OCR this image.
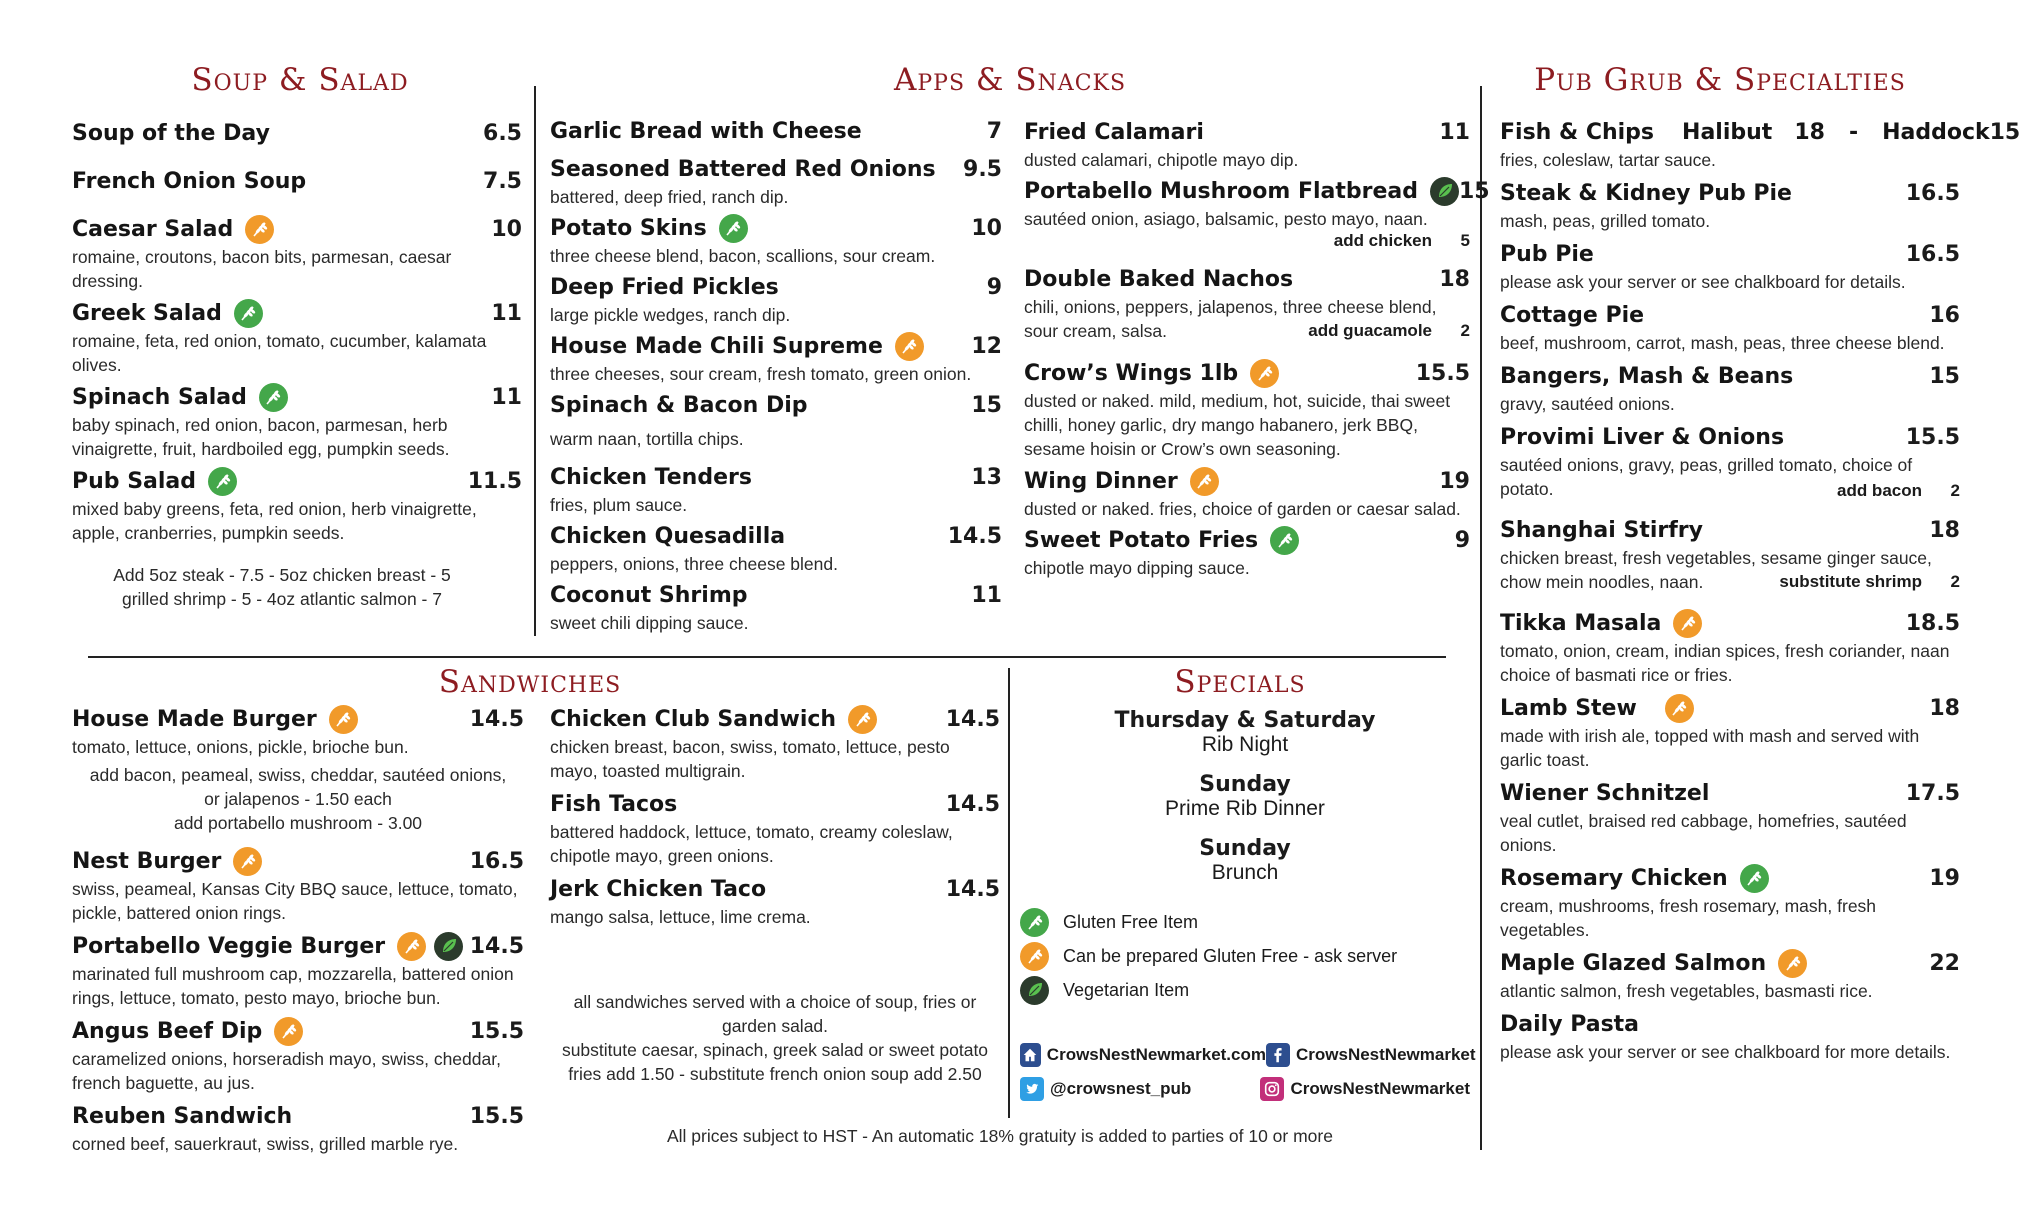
Soup & Salad	Apps & Snacks	Pub Grub & Specialties
Sandwiches	Specials
Soup of the Day	6.5
French Onion Soup	7.5
Caesar Salad	10
romaine, croutons, bacon bits, parmesan, caesar dressing.
Greek Salad	11
romaine, feta, red onion, tomato, cucumber, kalamata olives.
Spinach Salad	11
baby spinach, red onion, bacon, parmesan, herb vinaigrette, fruit, hardboiled egg, pumpkin seeds.
Pub Salad	11.5
mixed baby greens, feta, red onion, herb vinaigrette, apple, cranberries, pumpkin seeds.
Add 5oz steak - 7.5 - 5oz chicken breast - 5
grilled shrimp - 5 - 4oz atlantic salmon - 7
Garlic Bread with Cheese	7
Seasoned Battered Red Onions 9.5
battered, deep fried, ranch dip.
Potato Skins	10
three cheese blend, bacon, scallions, sour cream.
Deep Fried Pickles	9
large pickle wedges, ranch dip.
House Made Chili Supreme	12
three cheeses, sour cream, fresh tomato, green onion.
Spinach & Bacon Dip	15
warm naan, tortilla chips.
Chicken Tenders	13
fries, plum sauce.
Chicken Quesadilla	14.5
peppers, onions, three cheese blend.
Coconut Shrimp	11
sweet chili dipping sauce.
Fried Calamari	11
dusted calamari, chipotle mayo dip.
Portabello Mushroom Flatbread 15
sautéed onion, asiago, balsamic, pesto mayo, naan.
add chicken	5
Double Baked Nachos	18
chili, onions, peppers, jalapenos, three cheese blend,
sour cream, salsa.	add guacamole	2
Crow’s Wings 1lb	15.5
dusted or naked. mild, medium, hot, suicide, thai sweet chilli, honey garlic, dry mango habanero, jerk BBQ, sesame hoisin or Crow’s own seasoning.
Wing Dinner	19
dusted or naked. fries, choice of garden or caesar salad.
Sweet Potato Fries	9
chipotle mayo dipping sauce.
Fish & Chips Halibut 18 - Haddock 15
fries, coleslaw, tartar sauce.
Steak & Kidney Pub Pie	16.5
mash, peas, grilled tomato.
Pub Pie	16.5
please ask your server or see chalkboard for details.
Cottage Pie	16
beef, mushroom, carrot, mash, peas, three cheese blend.
Bangers, Mash & Beans	15
gravy, sautéed onions.
Provimi Liver & Onions	15.5
sautéed onions, gravy, peas, grilled tomato, choice of potato.	add bacon	2
Shanghai Stirfry	18
chicken breast, fresh vegetables, sesame ginger sauce,
chow mein noodles, naan.	substitute shrimp	2
Tikka Masala	18.5
tomato, onion, cream, indian spices, fresh coriander, naan choice of basmati rice or fries.
Lamb Stew	18
made with irish ale, topped with mash and served with garlic toast.
Wiener Schnitzel	17.5
veal cutlet, braised red cabbage, homefries, sautéed onions.
Rosemary Chicken	19
cream, mushrooms, fresh rosemary, mash, fresh vegetables.
Maple Glazed Salmon	22
atlantic salmon, fresh vegetables, basmasti rice.
Daily Pasta
please ask your server or see chalkboard for more details.
House Made Burger	14.5
tomato, lettuce, onions, pickle, brioche bun.
add bacon, peameal, swiss, cheddar, sautéed onions,
or jalapenos - 1.50 each
add portabello mushroom - 3.00
Nest Burger	16.5
swiss, peameal, Kansas City BBQ sauce, lettuce, tomato, pickle, battered onion rings.
Portabello Veggie Burger	14.5
marinated full mushroom cap, mozzarella, battered onion rings, lettuce, tomato, pesto mayo, brioche bun.
Angus Beef Dip	15.5
caramelized onions, horseradish mayo, swiss, cheddar, french baguette, au jus.
Reuben Sandwich	15.5
corned beef, sauerkraut, swiss, grilled marble rye.
Chicken Club Sandwich	14.5
chicken breast, bacon, swiss, tomato, lettuce, pesto mayo, toasted multigrain.
Fish Tacos	14.5
battered haddock, lettuce, tomato, creamy coleslaw, chipotle mayo, green onions.
Jerk Chicken Taco	14.5
mango salsa, lettuce, lime crema.
all sandwiches served with a choice of soup, fries or
garden salad.
substitute caesar, spinach, greek salad or sweet potato
fries add 1.50 - substitute french onion soup add 2.50
Thursday & Saturday
Rib Night
Sunday
Prime Rib Dinner
Sunday
Brunch
Gluten Free Item
Can be prepared Gluten Free - ask server
Vegetarian Item
CrowsNestNewmarket.com CrowsNestNewmarket
@crowsnest_pub	CrowsNestNewmarket
All prices subject to HST - An automatic 18% gratuity is added to parties of 10 or more
